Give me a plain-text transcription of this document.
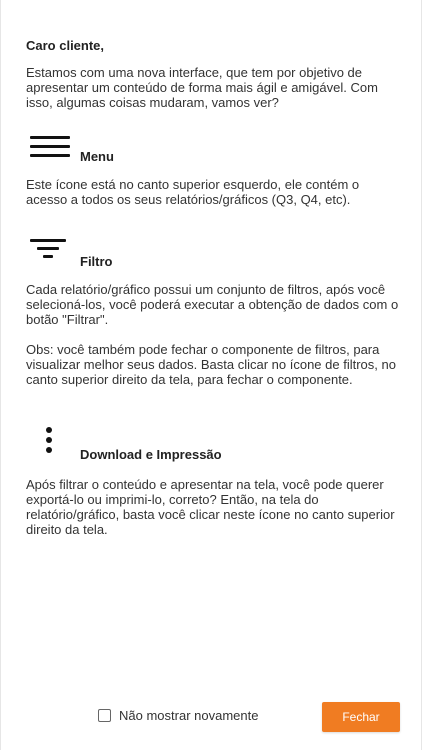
Caro cliente,

Estamos com uma nova interface, que tem por objetivo de apresentar um conteúdo de forma mais ágil e amigável. Com isso, algumas coisas mudaram, vamos ver?

Menu

Este ícone está no canto superior esquerdo, ele contém o acesso a todos os seus relatórios/gráficos (Q3, Q4, etc).

Filtro

Cada relatório/gráfico possui um conjunto de filtros, após você selecioná-los, você poderá executar a obtenção de dados com o botão "Filtrar".

Obs: você também pode fechar o componente de filtros, para visualizar melhor seus dados. Basta clicar no ícone de filtros, no canto superior direito da tela, para fechar o componente.

Download e Impressão

Após filtrar o conteúdo e apresentar na tela, você pode querer exportá-lo ou imprimi-lo, correto? Então, na tela do relatório/gráfico, basta você clicar neste ícone no canto superior direito da tela.

Não mostrar novamente	Fechar
